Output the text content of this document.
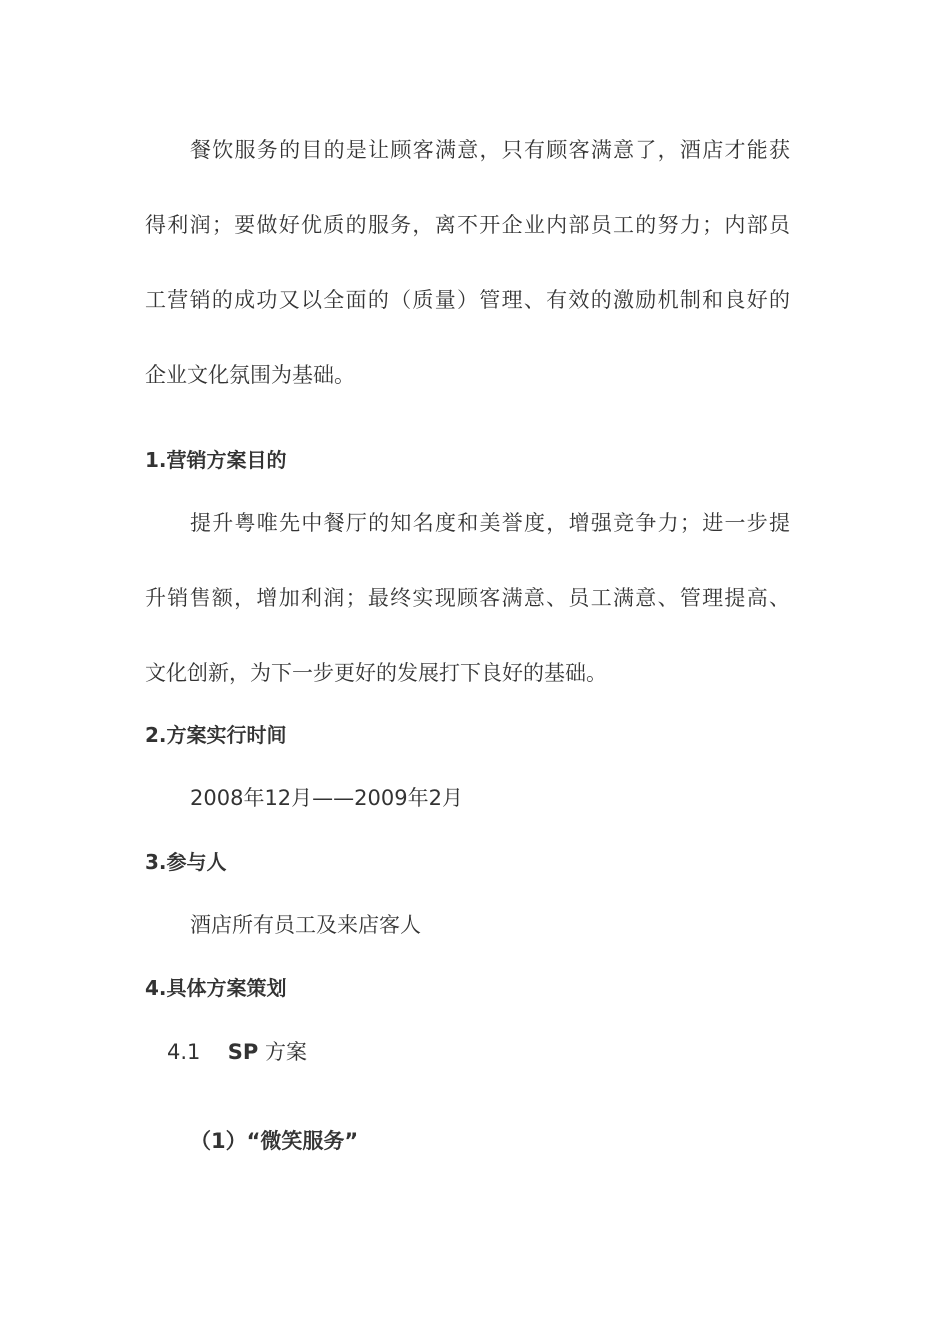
餐饮服务的目的是让顾客满意，只有顾客满意了，酒店才能获
得利润；要做好优质的服务，离不开企业内部员工的努力；内部员
工营销的成功又以全面的（质量）管理、有效的激励机制和良好的
企业文化氛围为基础。
1.营销方案目的
提升粤唯先中餐厅的知名度和美誉度，增强竞争力；进一步提
升销售额，增加利润；最终实现顾客满意、员工满意、管理提高、
文化创新，为下一步更好的发展打下良好的基础。
2.方案实行时间
2008年12月——2009年2月
3.参与人
酒店所有员工及来店客人
4.具体方案策划
4.1 SP 方案
（1）“微笑服务”
